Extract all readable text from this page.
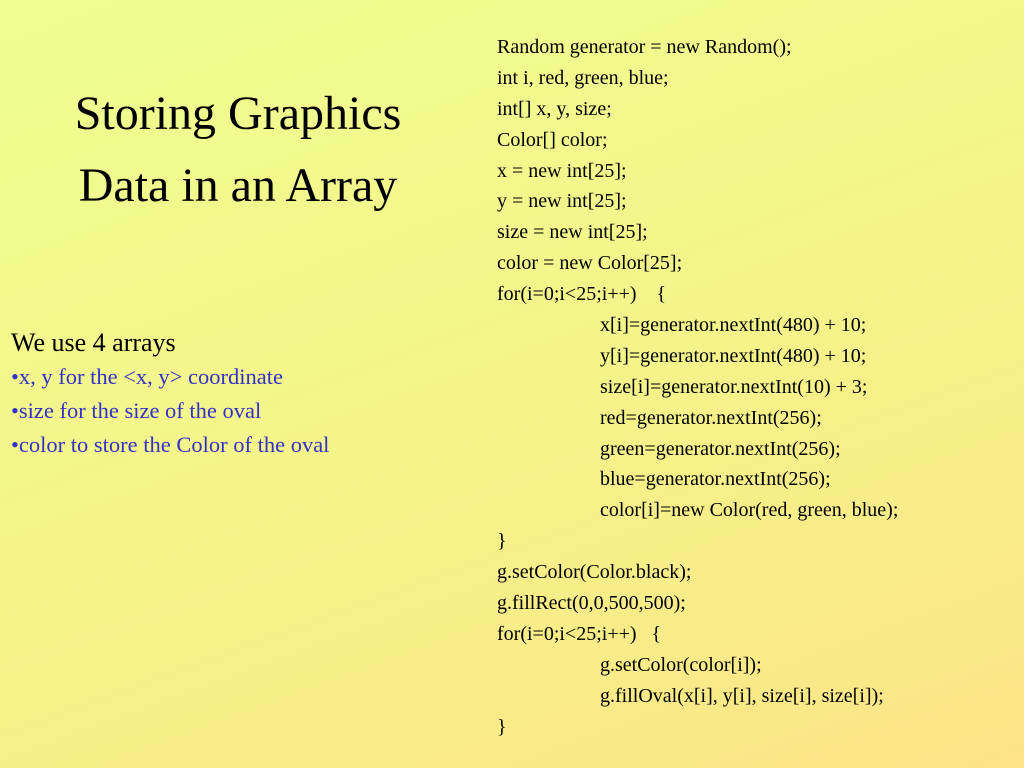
Storing Graphics
Data in an Array
We use 4 arrays
•x, y for the <x, y> coordinate
•size for the size of the oval
•color to store the Color of the oval
Random generator = new Random();
int i, red, green, blue;
int[] x, y, size;
Color[] color;
x = new int[25];
y = new int[25];
size = new int[25];
color = new Color[25];
for(i=0;i<25;i++)    {
x[i]=generator.nextInt(480) + 10;
y[i]=generator.nextInt(480) + 10;
size[i]=generator.nextInt(10) + 3;
red=generator.nextInt(256);
green=generator.nextInt(256);
blue=generator.nextInt(256);
color[i]=new Color(red, green, blue);
}
g.setColor(Color.black);
g.fillRect(0,0,500,500);
for(i=0;i<25;i++)   {
g.setColor(color[i]);
g.fillOval(x[i], y[i], size[i], size[i]);
}
